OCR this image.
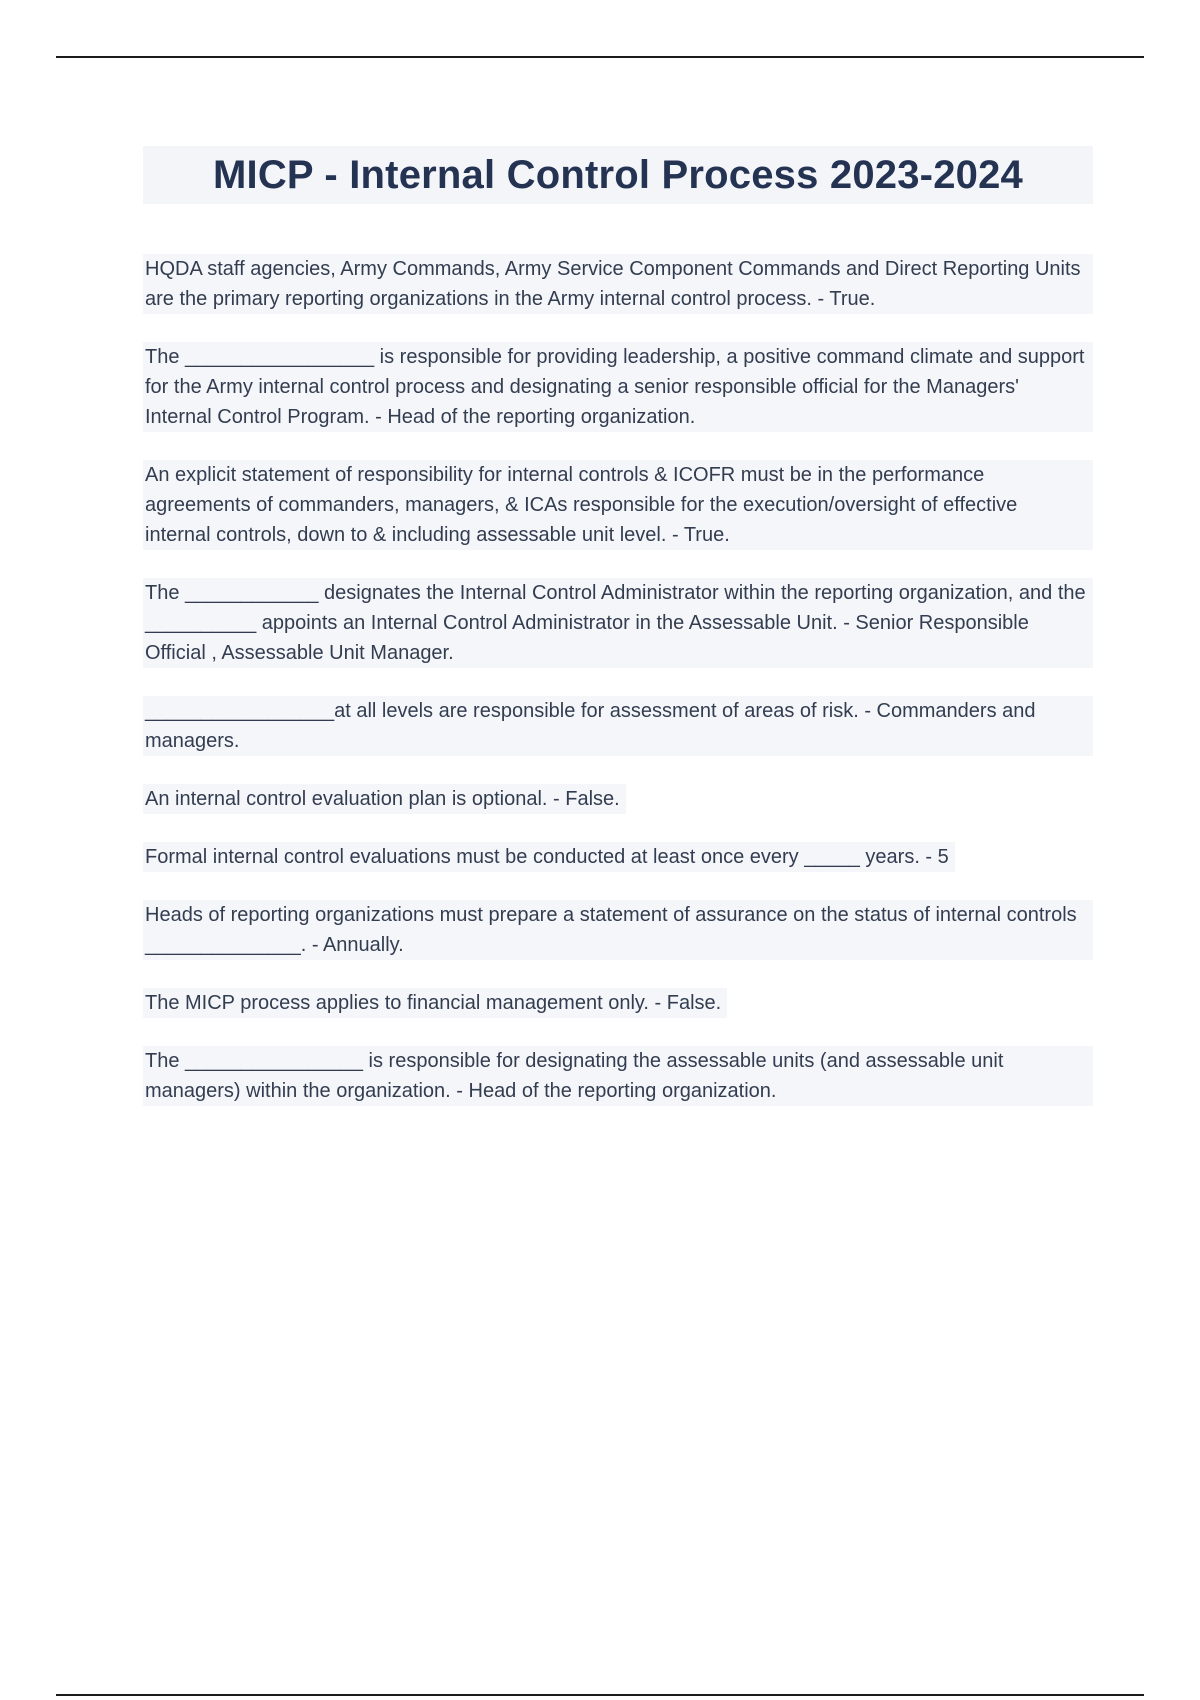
MICP - Internal Control Process 2023-2024

HQDA staff agencies, Army Commands, Army Service Component Commands and Direct Reporting Units are the primary reporting organizations in the Army internal control process. - True.

The _________________ is responsible for providing leadership, a positive command climate and support for the Army internal control process and designating a senior responsible official for the Managers' Internal Control Program. - Head of the reporting organization.

An explicit statement of responsibility for internal controls & ICOFR must be in the performance agreements of commanders, managers, & ICAs responsible for the execution/oversight of effective internal controls, down to & including assessable unit level. - True.

The ____________ designates the Internal Control Administrator within the reporting organization, and the __________ appoints an Internal Control Administrator in the Assessable Unit. - Senior Responsible Official , Assessable Unit Manager.

_________________at all levels are responsible for assessment of areas of risk. - Commanders and managers.

An internal control evaluation plan is optional. - False.

Formal internal control evaluations must be conducted at least once every _____ years. - 5

Heads of reporting organizations must prepare a statement of assurance on the status of internal controls ______________. - Annually.

The MICP process applies to financial management only. - False.

The ________________ is responsible for designating the assessable units (and assessable unit managers) within the organization. - Head of the reporting organization.
